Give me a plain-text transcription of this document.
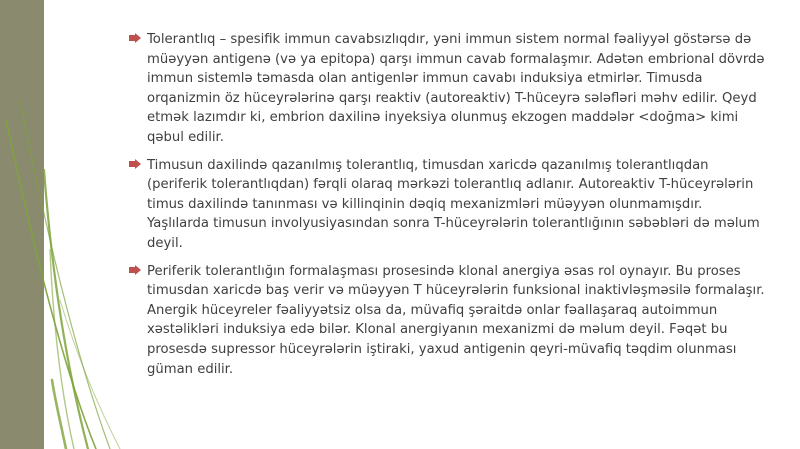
Tolerantlıq – spesifik immun cavabsızlıqdır, yəni immun sistem normal fəaliyyəl göstərsə də müəyyən antigenə (və ya epitopa) qarşı immun cavab formalaşmır. Adətən embrional dövrdə immun sistemlə təmasda olan antigenlər immun cavabı induksiya etmirlər. Timusda orqanizmin öz hüceyrələrinə qarşı reaktiv (autoreaktiv) T-hüceyrə sələfləri məhv edilir. Qeyd etmək lazımdır ki, embrion daxilinə inyeksiya olunmuş ekzogen maddələr <doğma> kimi qəbul edilir.
Timusun daxilində qazanılmış tolerantlıq, timusdan xaricdə qazanılmış tolerantlıqdan (periferik tolerantlıqdan) fərqli olaraq mərkəzi tolerantlıq adlanır. Autoreaktiv T-hüceyrələrin timus daxilində tanınması və killinqinin dəqiq mexanizmləri müəyyən olunmamışdır. Yaşlılarda timusun involyusiyasından sonra T-hüceyrələrin tolerantlığının səbəbləri də məlum deyil.
Periferik tolerantlığın formalaşması prosesində klonal anergiya əsas rol oynayır. Bu proses timusdan xaricdə baş verir və müəyyən T hüceyrələrin funksional inaktivləşməsilə formalaşır. Anergik hüceyreler fəaliyyətsiz olsa da, müvafiq şəraitdə onlar fəallaşaraq autoimmun xəstəlikləri induksiya edə bilər. Klonal anergiyanın mexanizmi də məlum deyil. Fəqət bu prosesdə supressor hüceyrələrin iştiraki, yaxud antigenin qeyri-müvafiq təqdim olunması güman edilir.
